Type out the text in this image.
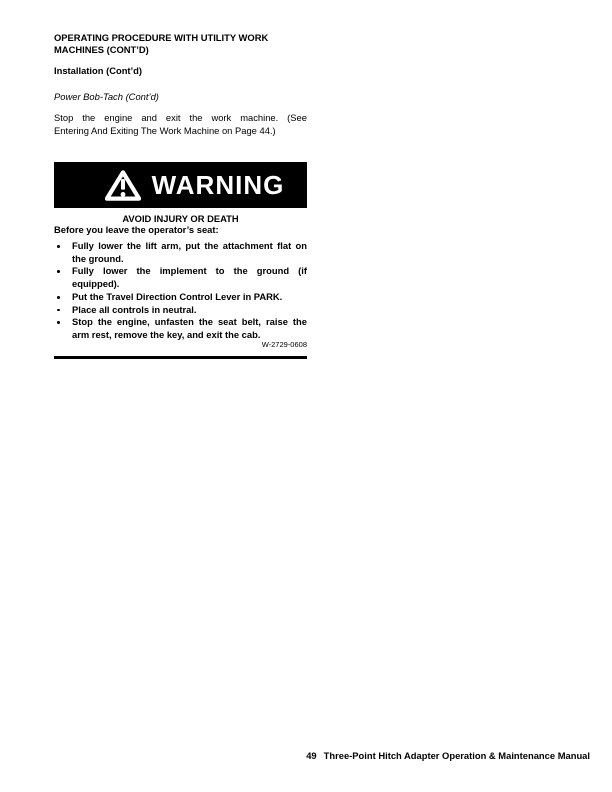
OPERATING PROCEDURE WITH UTILITY WORK
MACHINES (CONT’D)
Installation (Cont’d)
Power Bob-Tach (Cont’d)
Stop the engine and exit the work machine. (See
Entering And Exiting The Work Machine on Page 44.)
WARNING
AVOID INJURY OR DEATH
Before you leave the operator’s seat:
Fully lower the lift arm, put the attachment flat on
the ground.
Fully lower the implement to the ground (if
equipped).
Put the Travel Direction Control Lever in PARK.
Place all controls in neutral.
Stop the engine, unfasten the seat belt, raise the
arm rest, remove the key, and exit the cab.
W-2729-0608
49 Three-Point Hitch Adapter Operation & Maintenance Manual
